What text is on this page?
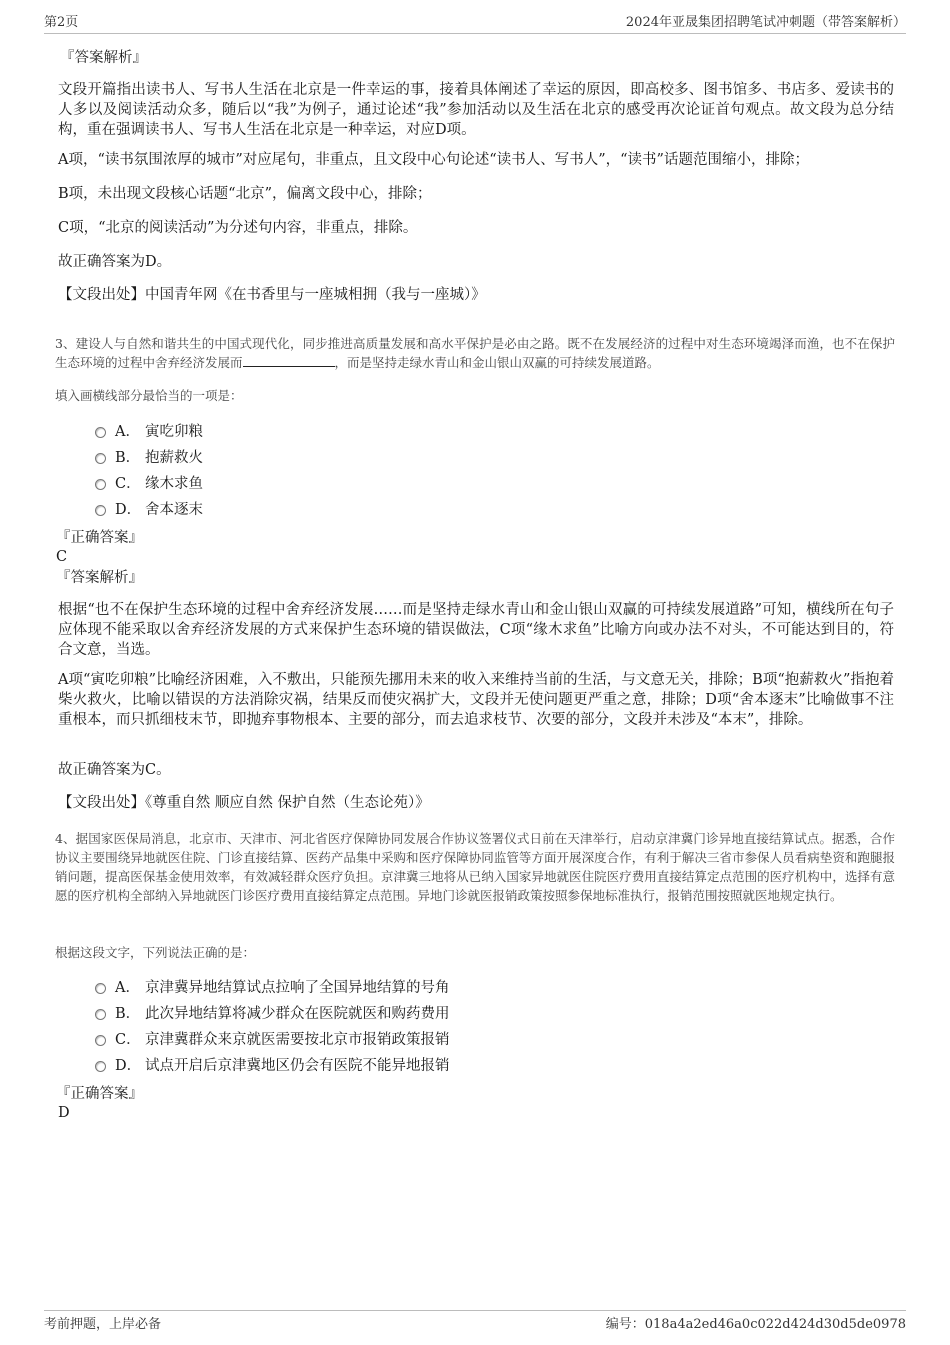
第2页	2024年亚晟集团招聘笔试冲刺题（带答案解析）
『答案解析』
文段开篇指出读书人、写书人生活在北京是一件幸运的事，接着具体阐述了幸运的原因，即高校多、图书馆多、书店多、爱读书的人多以及阅读活动众多，随后以“我”为例子，通过论述“我”参加活动以及生活在北京的感受再次论证首句观点。故文段为总分结构，重在强调读书人、写书人生活在北京是一种幸运，对应D项。
A项，“读书氛围浓厚的城市”对应尾句，非重点，且文段中心句论述“读书人、写书人”，“读书”话题范围缩小，排除；
B项，未出现文段核心话题“北京”，偏离文段中心，排除；
C项，“北京的阅读活动”为分述句内容，非重点，排除。
故正确答案为D。
【文段出处】中国青年网《在书香里与一座城相拥（我与一座城）》
3、建设人与自然和谐共生的中国式现代化，同步推进高质量发展和高水平保护是必由之路。既不在发展经济的过程中对生态环境竭泽而渔，也不在保护生态环境的过程中舍弃经济发展而	，而是坚持走绿水青山和金山银山双赢的可持续发展道路。
填入画横线部分最恰当的一项是：
A． 寅吃卯粮
B． 抱薪救火
C． 缘木求鱼
D． 舍本逐末
『正确答案』
C
『答案解析』
根据“也不在保护生态环境的过程中舍弃经济发展……而是坚持走绿水青山和金山银山双赢的可持续发展道路”可知，横线所在句子应体现不能采取以舍弃经济发展的方式来保护生态环境的错误做法，C项“缘木求鱼”比喻方向或办法不对头，不可能达到目的，符合文意，当选。
A项“寅吃卯粮”比喻经济困难，入不敷出，只能预先挪用未来的收入来维持当前的生活，与文意无关，排除；B项“抱薪救火”指抱着柴火救火，比喻以错误的方法消除灾祸，结果反而使灾祸扩大，文段并无使问题更严重之意，排除；D项“舍本逐末”比喻做事不注重根本，而只抓细枝末节，即抛弃事物根本、主要的部分，而去追求枝节、次要的部分，文段并未涉及“本末”，排除。
故正确答案为C。
【文段出处】《尊重自然 顺应自然 保护自然（生态论苑）》
4、据国家医保局消息，北京市、天津市、河北省医疗保障协同发展合作协议签署仪式日前在天津举行，启动京津冀门诊异地直接结算试点。据悉，合作协议主要围绕异地就医住院、门诊直接结算、医药产品集中采购和医疗保障协同监管等方面开展深度合作，有利于解决三省市参保人员看病垫资和跑腿报销问题，提高医保基金使用效率，有效减轻群众医疗负担。京津冀三地将从已纳入国家异地就医住院医疗费用直接结算定点范围的医疗机构中，选择有意愿的医疗机构全部纳入异地就医门诊医疗费用直接结算定点范围。异地门诊就医报销政策按照参保地标准执行，报销范围按照就医地规定执行。
根据这段文字，下列说法正确的是：
A． 京津冀异地结算试点拉响了全国异地结算的号角
B． 此次异地结算将减少群众在医院就医和购药费用
C． 京津冀群众来京就医需要按北京市报销政策报销
D． 试点开启后京津冀地区仍会有医院不能异地报销
『正确答案』
D
考前押题，上岸必备	编号：018a4a2ed46a0c022d424d30d5de0978
